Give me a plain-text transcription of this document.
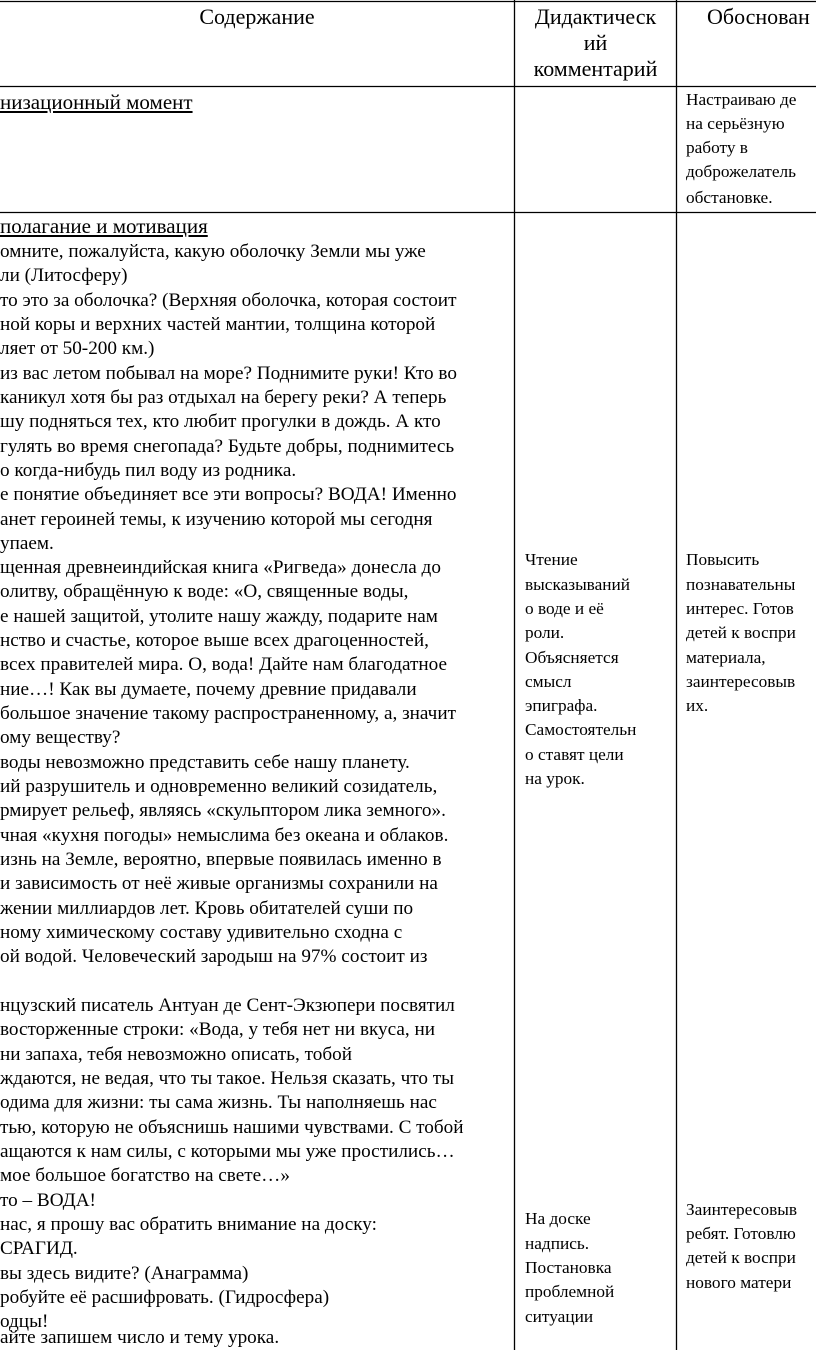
Содержание	Дидактическ
ий
комментарий
Обоснован
низационный момент	Настраиваю де
на серьёзную
работу в
доброжелатель
обстановке.
полагание и мотивация
омните, пожалуйста, какую оболочку Земли мы уже
ли (Литосферу)
то это за оболочка? (Верхняя оболочка, которая состоит
ной коры и верхних частей мантии, толщина которой
ляет от 50-200 км.)
из вас летом побывал на море? Поднимите руки! Кто во
каникул хотя бы раз отдыхал на берегу реки? А теперь
шу подняться тех, кто любит прогулки в дождь. А кто
гулять во время снегопада? Будьте добры, поднимитесь
о когда-нибудь пил воду из родника.
е понятие объединяет все эти вопросы? ВОДА! Именно
анет героиней темы, к изучению которой мы сегодня
упаем.
щенная древнеиндийская книга «Ригведа» донесла до
олитву, обращённую к воде: «О, священные воды,
е нашей защитой, утолите нашу жажду, подарите нам
нство и счастье, которое выше всех драгоценностей,
всех правителей мира. О, вода! Дайте нам благодатное
ние…! Как вы думаете, почему древние придавали
большое значение такому распространенному, а, значит
ому веществу?
воды невозможно представить себе нашу планету.
ий разрушитель и одновременно великий созидатель,
рмирует рельеф, являясь «скульптором лика земного».
чная «кухня погоды» немыслима без океана и облаков.
изнь на Земле, вероятно, впервые появилась именно в
и зависимость от неё живые организмы сохранили на
жении миллиардов лет. Кровь обитателей суши по
ному химическому составу удивительно сходна с
ой водой. Человеческий зародыш на 97% состоит из
нцузский писатель Антуан де Сент-Экзюпери посвятил
восторженные строки: «Вода, у тебя нет ни вкуса, ни
ни запаха, тебя невозможно описать, тобой
ждаются, не ведая, что ты такое. Нельзя сказать, что ты
одима для жизни: ты сама жизнь. Ты наполняешь нас
тью, которую не объяснишь нашими чувствами. С тобой
ащаются к нам силы, с которыми мы уже простились…
мое большое богатство на свете…»
то – ВОДА!
нас, я прошу вас обратить внимание на доску:
СРАГИД.
вы здесь видите? (Анаграмма)
робуйте её расшифровать. (Гидросфера)
одцы!
айте запишем число и тему урока.
Чтение
высказываний
о воде и её
роли.
Объясняется
смысл
эпиграфа.
Самостоятельн
о ставят цели
на урок.
Повысить
познавательны
интерес. Готов
детей к воспри
материала,
заинтересовыв
их.
На доске
надпись.
Постановка
проблемной
ситуации
Заинтересовыв
ребят. Готовлю
детей к воспри
нового матери
